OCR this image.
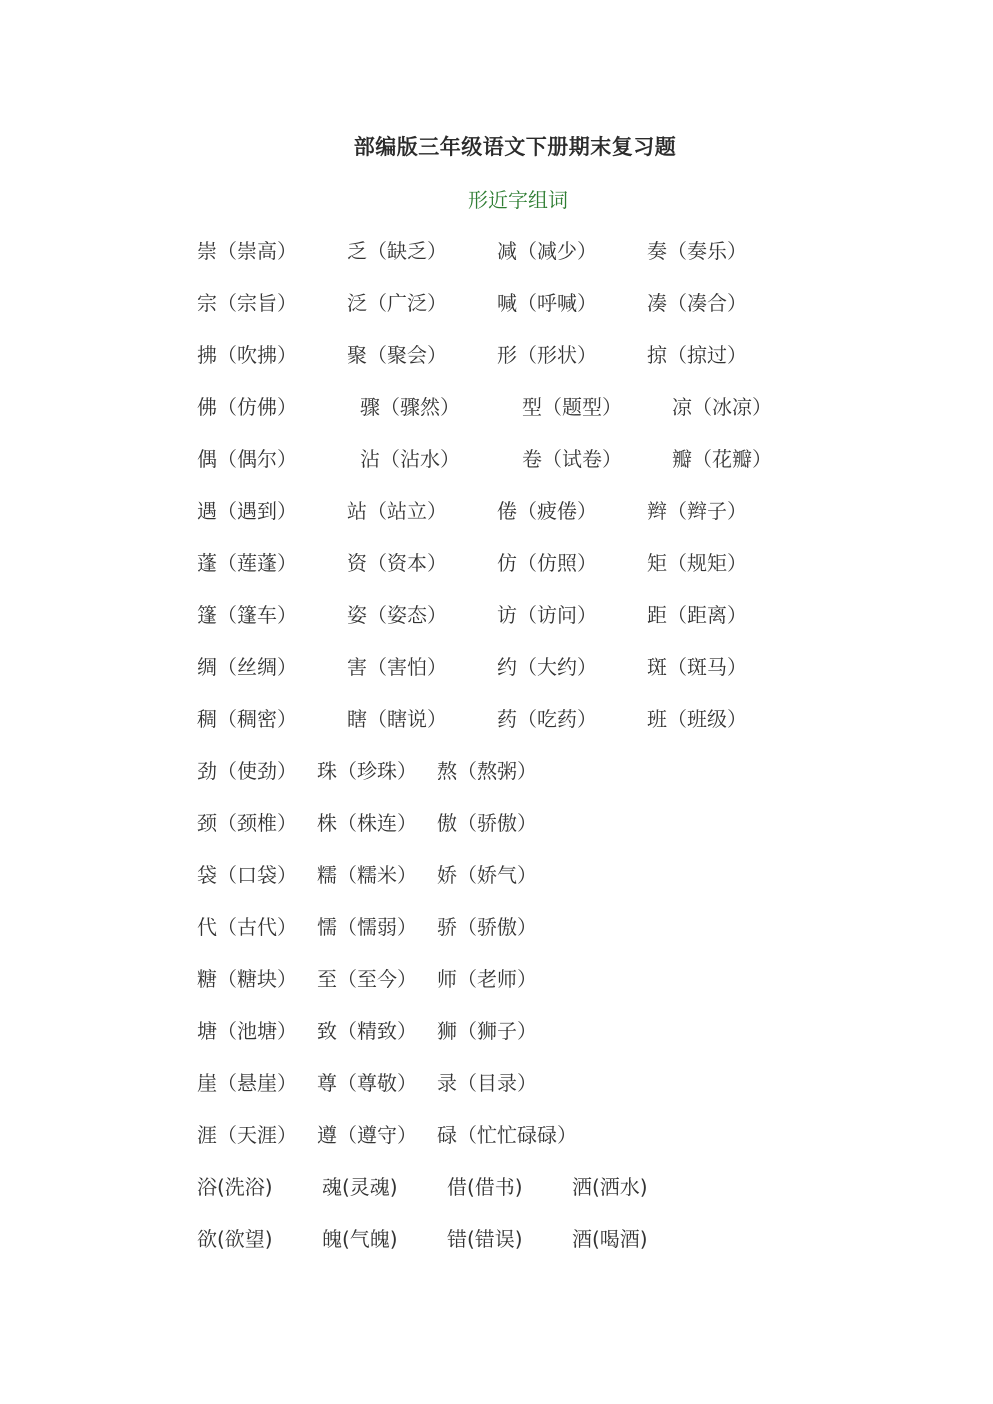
部编版三年级语文下册期末复习题
形近字组词
崇（崇高）	乏（缺乏）	减（减少）	奏（奏乐）
宗（宗旨）	泛（广泛）	喊（呼喊）	凑（凑合）
拂（吹拂）	聚（聚会）	形（形状）	掠（掠过）
佛（仿佛）	骤（骤然）	型（题型）	凉（冰凉）
偶（偶尔）	沾（沾水）	卷（试卷）	瓣（花瓣）
遇（遇到）	站（站立）	倦（疲倦）	辫（辫子）
蓬（莲蓬）	资（资本）	仿（仿照）	矩（规矩）
篷（篷车）	姿（姿态）	访（访问）	距（距离）
绸（丝绸）	害（害怕）	约（大约）	斑（斑马）
稠（稠密）	瞎（瞎说）	药（吃药）	班（班级）
劲（使劲） 珠（珍珠） 熬（熬粥）
颈（颈椎） 株（株连） 傲（骄傲）
袋（口袋） 糯（糯米） 娇（娇气）
代（古代） 懦（懦弱） 骄（骄傲）
糖（糖块） 至（至今） 师（老师）
塘（池塘） 致（精致） 狮（狮子）
崖（悬崖） 尊（尊敬） 录（目录）
涯（天涯） 遵（遵守） 碌（忙忙碌碌）
浴(洗浴) 魂(灵魂) 借(借书) 洒(洒水)
欲(欲望) 魄(气魄) 错(错误) 酒(喝酒)
